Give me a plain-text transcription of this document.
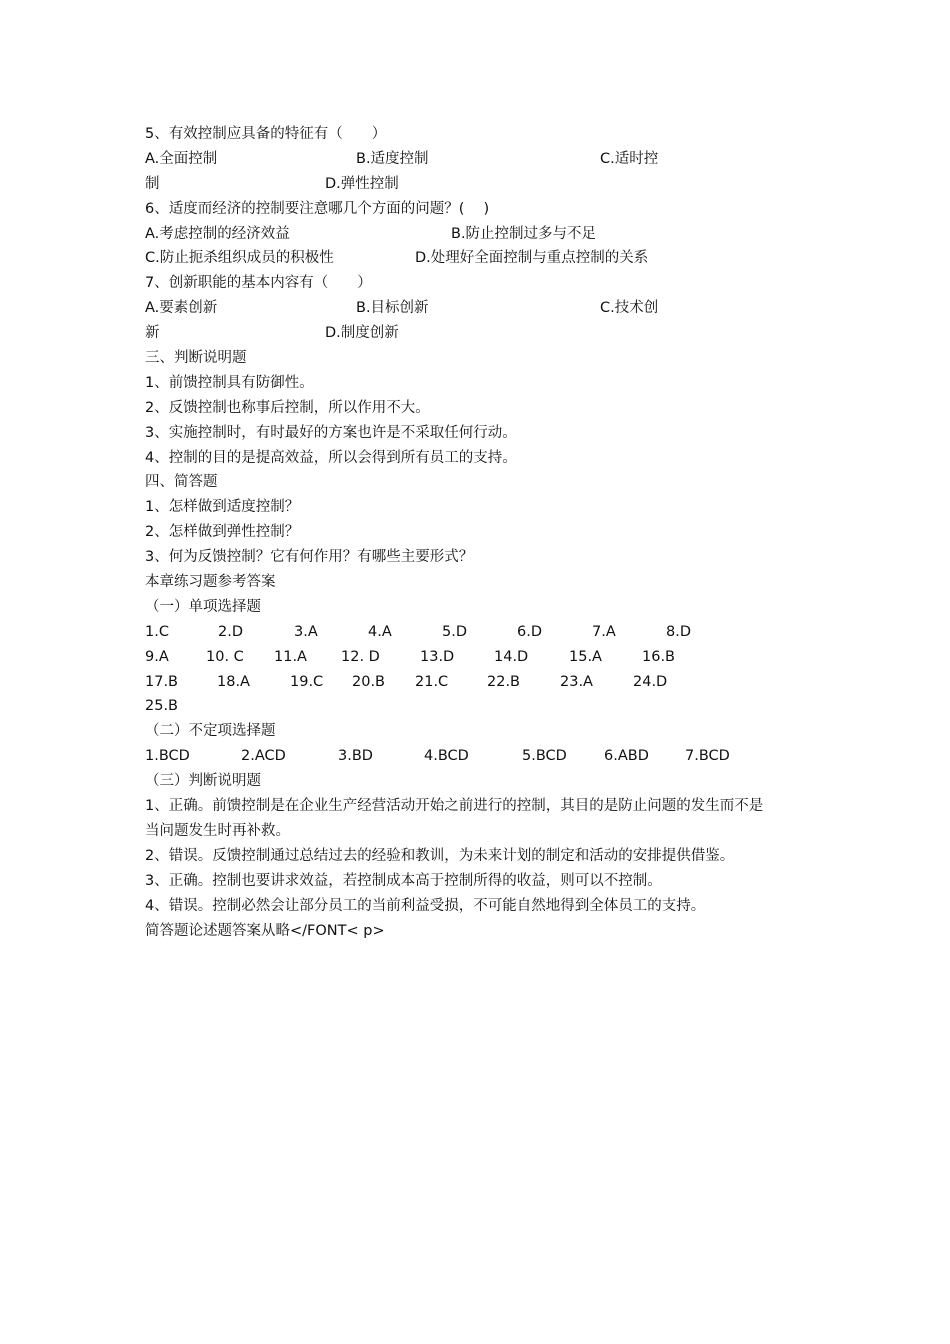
5、有效控制应具备的特征有（　　）

A.全面控制

	B.适度控制

	C.适时控

制

	D.弹性控制

6、适度而经济的控制要注意哪几个方面的问题？(　 )

A.考虑控制的经济效益

	B.防止控制过多与不足

C.防止扼杀组织成员的积极性

	D.处理好全面控制与重点控制的关系

7、创新职能的基本内容有（　　）

A.要素创新

	B.目标创新

	C.技术创

新

	D.制度创新

三、判断说明题
1、前馈控制具有防御性。
2、反馈控制也称事后控制，所以作用不大。
3、实施控制时，有时最好的方案也许是不采取任何行动。
4、控制的目的是提高效益，所以会得到所有员工的支持。
四、简答题
1、怎样做到适度控制？
2、怎样做到弹性控制？
3、何为反馈控制？它有何作用？有哪些主要形式？
本章练习题参考答案
（一）单项选择题

1.C

	2.D

	3.A

	4.A

	5.D

	6.D

	7.A

	8.D

9.A

	10. C

11.A

12. D

	13.D

	14.D

	15.A

	16.B

17.B

	18.A

	19.C

20.B

21.C

	22.B

	23.A

	24.D

25.B

（二）不定项选择题

1.BCD

	2.ACD

	3.BD

	4.BCD

	5.BCD

	6.ABD

7.BCD

（三）判断说明题
1、正确。前馈控制是在企业生产经营活动开始之前进行的控制，其目的是防止问题的发生而不是
当问题发生时再补救。
2、错误。反馈控制通过总结过去的经验和教训，为未来计划的制定和活动的安排提供借鉴。
3、正确。控制也要讲求效益，若控制成本高于控制所得的收益，则可以不控制。
4、错误。控制必然会让部分员工的当前利益受损，不可能自然地得到全体员工的支持。
简答题论述题答案从略</FONT< p>
